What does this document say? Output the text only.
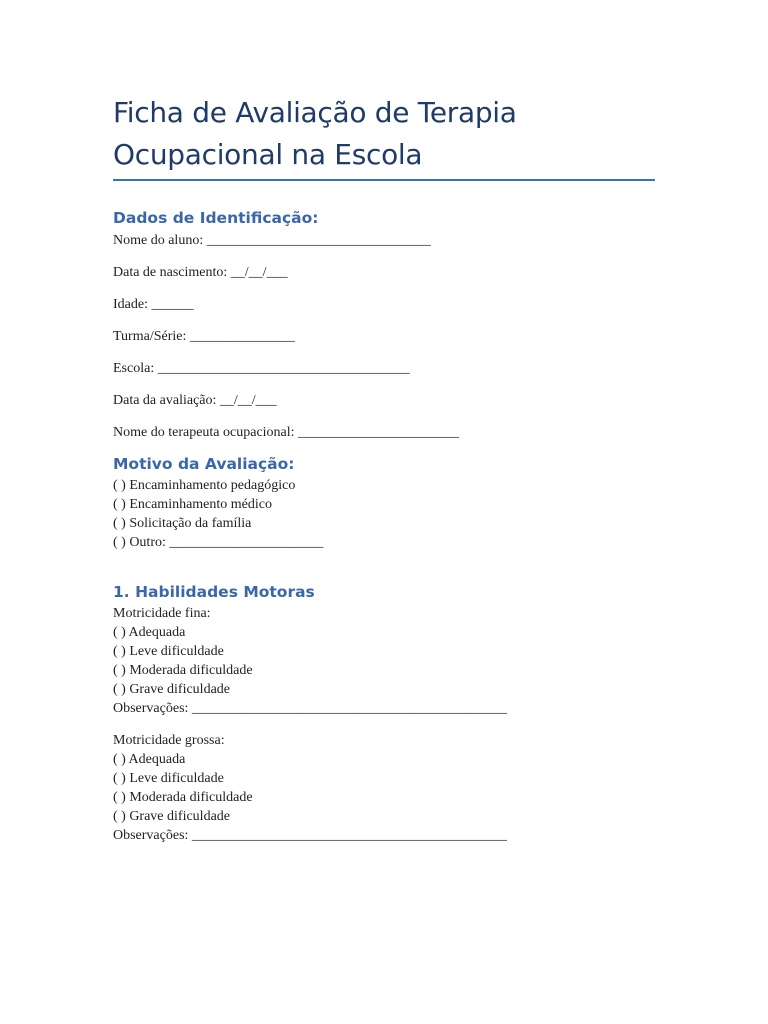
Ficha de Avaliação de Terapia
Ocupacional na Escola
Dados de Identificação:

Nome do aluno: ________________________________

Data de nascimento: __/__/___

Idade: ______

Turma/Série: _______________

Escola: ____________________________________

Data da avaliação: __/__/___

Nome do terapeuta ocupacional: _______________________

Motivo da Avaliação:

( ) Encaminhamento pedagógico

( ) Encaminhamento médico

( ) Solicitação da família

( ) Outro: ______________________

1. Habilidades Motoras

Motricidade fina:

( ) Adequada

( ) Leve dificuldade

( ) Moderada dificuldade

( ) Grave dificuldade

Observações: _____________________________________________

Motricidade grossa:

( ) Adequada

( ) Leve dificuldade

( ) Moderada dificuldade

( ) Grave dificuldade

Observações: _____________________________________________
